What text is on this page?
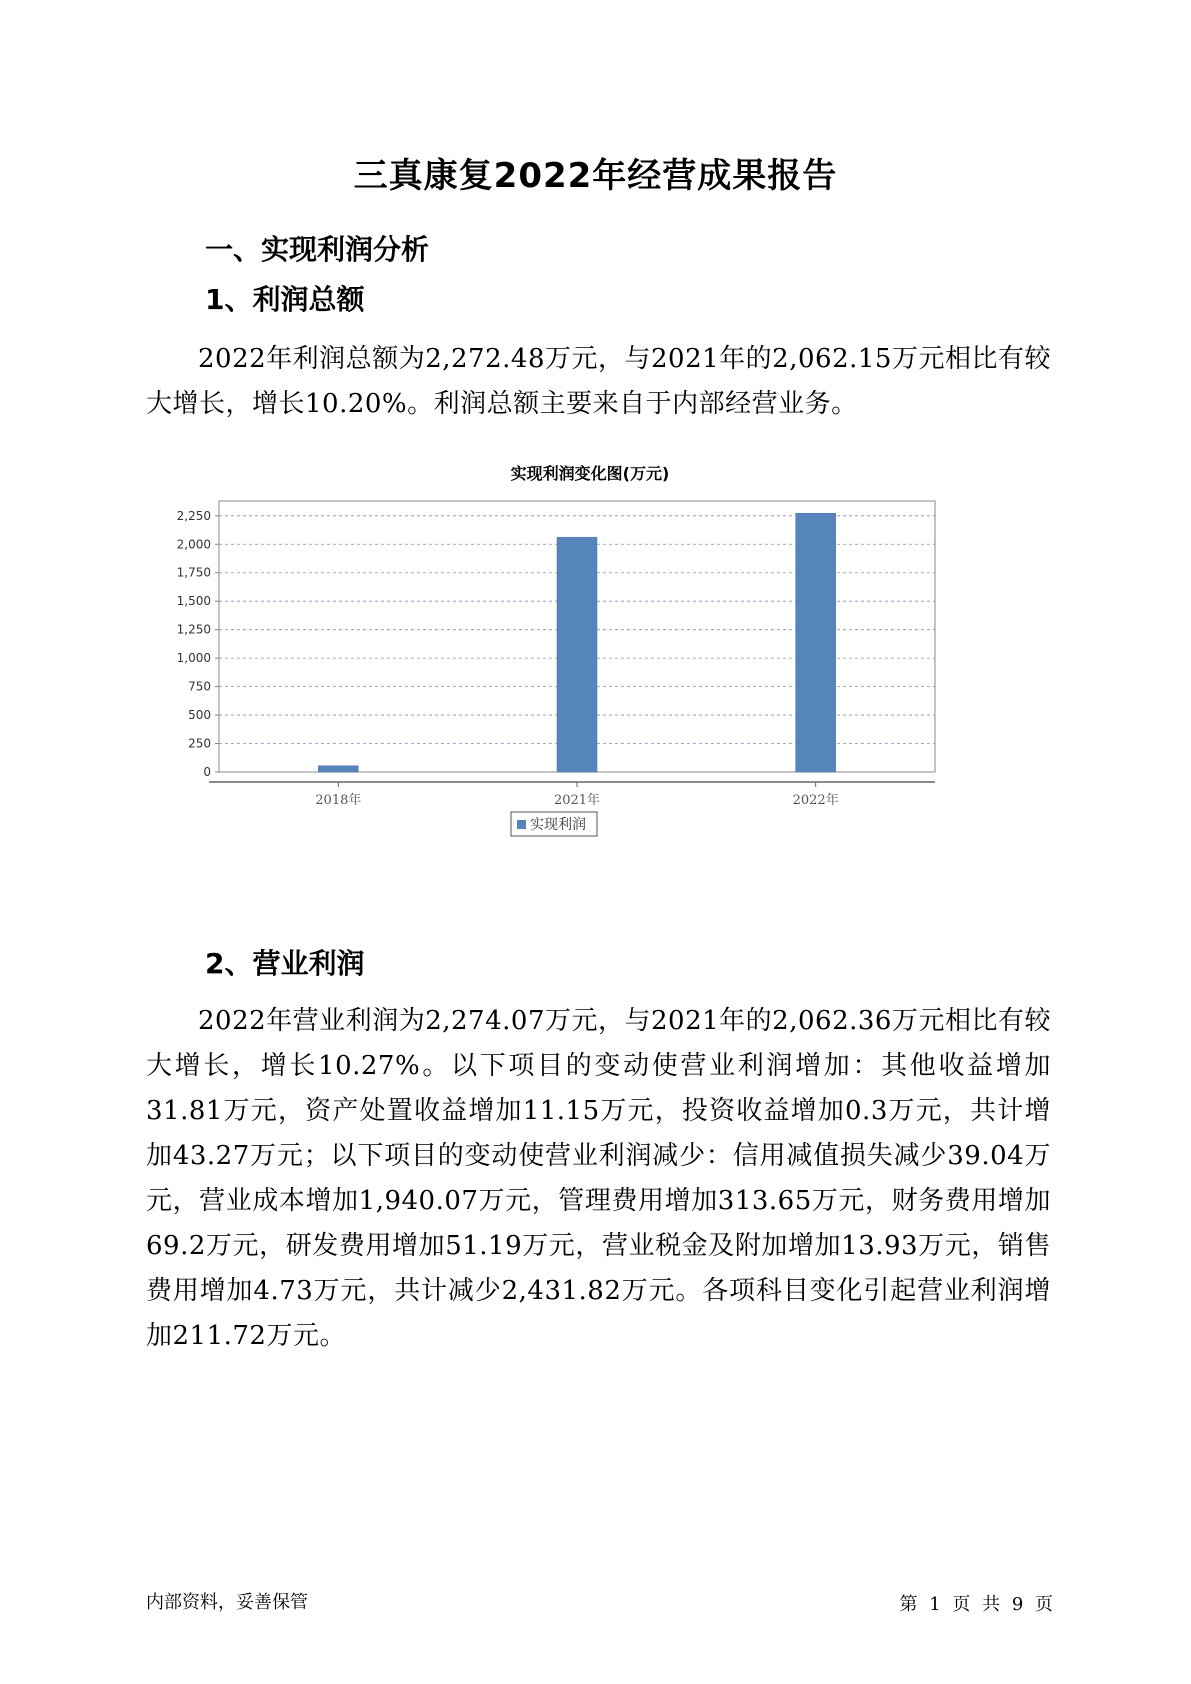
三真康复2022年经营成果报告
一、实现利润分析
1、利润总额
2022年利润总额为2,272.48万元，与2021年的2,062.15万元相比有较大增长，增长10.20%。利润总额主要来自于内部经营业务。
实现利润变化图(万元)
0
250
500
750
1,000
1,250
1,500
1,750
2,000
2,250
2018年	2021年	2022年
实现利润
2、营业利润
2022年营业利润为2,274.07万元，与2021年的2,062.36万元相比有较大增长，增长10.27%。以下项目的变动使营业利润增加：其他收益增加31.81万元，资产处置收益增加11.15万元，投资收益增加0.3万元，共计增加43.27万元；以下项目的变动使营业利润减少：信用减值损失减少39.04万元，营业成本增加1,940.07万元，管理费用增加313.65万元，财务费用增加69.2万元，研发费用增加51.19万元，营业税金及附加增加13.93万元，销售费用增加4.73万元，共计减少2,431.82万元。各项科目变化引起营业利润增加211.72万元。
内部资料，妥善保管	第 1 页 共 9 页
